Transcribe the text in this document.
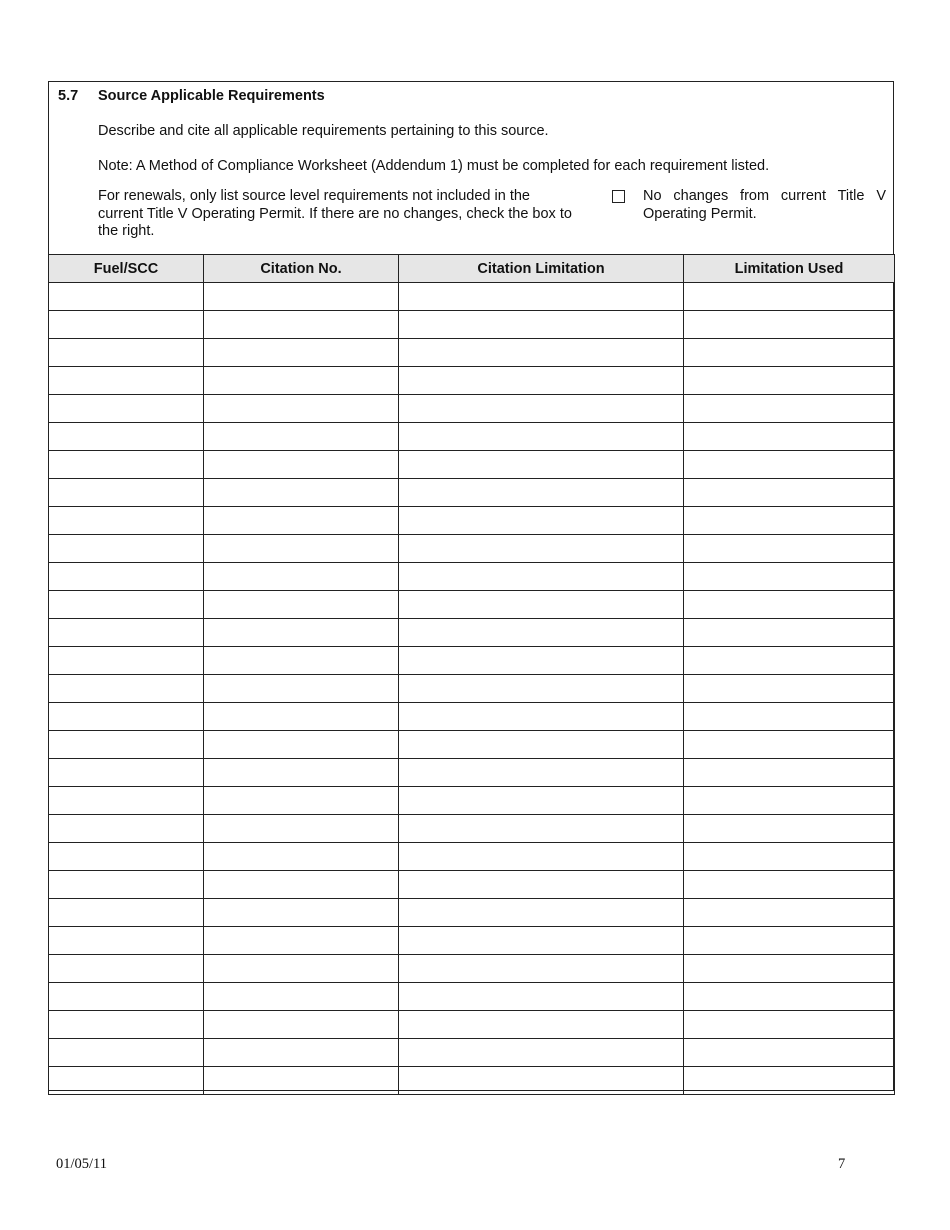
5.7 Source Applicable Requirements
Describe and cite all applicable requirements pertaining to this source.
Note: A Method of Compliance Worksheet (Addendum 1) must be completed for each requirement listed.
For renewals, only list source level requirements not included in the current Title V Operating Permit. If there are no changes, check the box to the right.
No changes from current Title V Operating Permit.
Fuel/SCC	Citation No.	Citation Limitation	Limitation Used

01/05/11	7
